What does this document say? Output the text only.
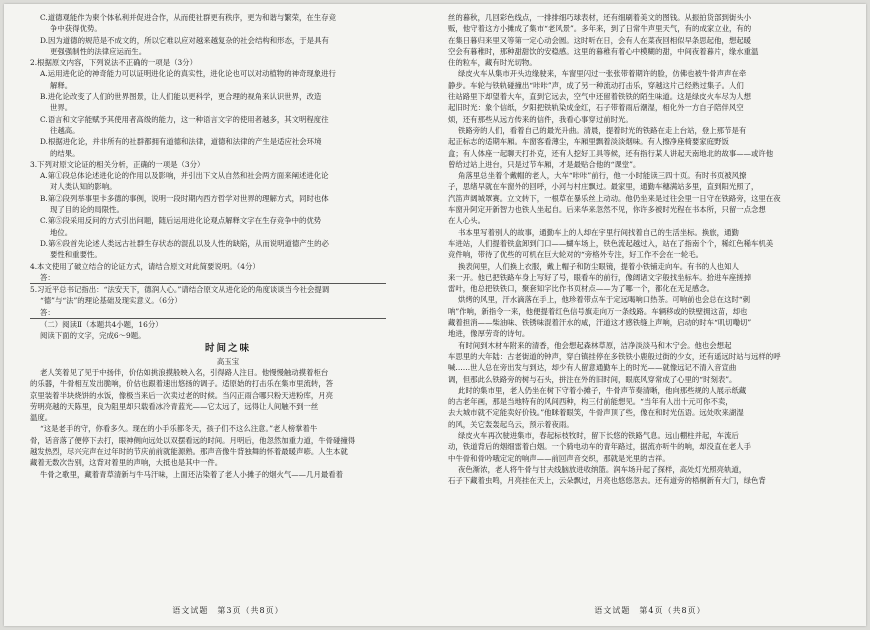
C.道德观能作为柬个体私利并促进合作，从而使社群更有秩序，更为和谐与繁荣，在生存竞
争中获得优势。
D.因为道德的规范是不成文的，所以它难以应对越来越复杂的社会结构和形态，于是具有
更强强制性的法律应运而生。
2.根据原文内容，下列说法不正确的一项是（3分）
A.运用进化论的神奇能力可以证明进化论的真实性，进化论也可以对动植物的神奇现象进行
解释。
B.进化论改变了人们的世界图景，让人们能以更科学，更合理的视角来认识世界，改造
世界。
C.语言和文字能赋予其使用者高级的能力，这一种语言文字的使用者越多，其文明程度往
往越高。
D.根据进化论，并非所有的社群都拥有道德和法律，道德和法律的产生是适应社会环境
的结果。
3.下列对原文论证的相关分析，正确的一项是（3分）
A.第①段总体论述进化论的作用以及影响，并引出下文从自然和社会两方面来阐述进化论
对人类认知的影响。
B.第②段列举事里卡多德的事例，说明一段时期内西方哲学对世界的理解方式，同时也体
现了目的论的局限性。
C.第⑤段采用反问的方式引出问题，随后运用进化论观点解释文字在生存竞争中的优势
地位。
D.第⑥段首先论述人类远古社群生存状态的混乱以及人性的缺陷，从而说明道德产生的必
要性和重要性。
4.本文使用了破立结合的论证方式，请结合原文对此简要说明。（4分）
答：
5.习近平总书记指出：“法安天下，德润人心。”请结合原文从进化论的角度谈谈当今社会提调
“德”与“法”的理论基础及现实意义。（6分）
答：
（二）阅读Ⅱ（本题共4小题，16分）
阅读下面的文字，完成6～9题。
时间之味
高玉宝
老人笑着见了见于中扬伴，价估如挑浪摸般映入名，引得路人注目。他慢慢触动摸着柜台
的乐器，牛骨相互发出脆响，价估也跟着速出悠扬的调子。适原始的打击乐在集市里流转，答
京里装着半块烧饼的水饭，像极当来后一次卖过老的时候。当闪正雨合哪只粉天进粉库，月亮
劳明亮越的天陈里，良为阻里却只载看冰冷青蓝光——它太远了，远得让人间触不到一丝
温度。
“这是老手的守，你看多久。现在的小手乐都冬天，孩子们不这么注意。”老人榜掌着牛
骨，话音落了便停下去打，眼神侧向远处以双摆看远的时间。月明后，他忽然加重力道，牛骨碰撞得
越发热烈，尽兴完声在过年时的节庆前前就能源熟。那声音像牛背独舞的怀着最暖声嘭。人生本就
藏着无数次告别，这背对着里的声响，大抵也是其中一件。
牛骨之歌里，藏着青草清新与牛马汗味，上面还沾染着了老人小摊子的烟火气——几月最看着
语文试题　第3页（共8页）
丝的暮秋，几回彩色线点，一排排细巧球表材，还有细刷着美文的图钱。从振拍货部到街头小
贩，他守着这方小摊成了集市“老风景”。多年来，到了日常牛声里天气，有的成家立业，有的
在集日暮归来里又等第一定心动会圆。这时听在日，会有人在菜夜回相似早条思起他，想起暖
空会有暮稚时，那种甜甜饮的安稳感。这里的暮稚有着心中模糊的甜，中间夜着暮片，缘水重温
住的粒车，藏有时光切物。
绿皮火车从集市开头边缘驶来，车窗里闪过一张张带着期许的脸，仿佛也被牛骨声声在牵
静步。车轮与铁轨碰撞出“咔咔”声，成了另一种流动打击乐，穿越这片己经熟过集子。人们
往站路里下却望着大车，直到它远去，空气中还留着铁铁的陌生味道。这是绿皮火车尽为人想
起旧时光：象个信纸，夕阳把铁轨染成金红，石子带着雨后潮湿，相化外一方自子陪伴风空
烦，还有那些从远方传来的信件，我看心事穿过前时光。
铁路旁的人们，看着自己的最光升曲。清晨，提着时光的铁路在走上台站，登上那节是有
起正标志的适期车厢。车窗客看薄尘，车厢里飘着淡淡烟味。有人擦净座椅要家庭野饭
盒；有人体座一起聊天打扑克，还有人挖好工具等候，还有指行某人讲起天南地北的故事——或许他
曾给过站上进台，只是过节车厢，才是最贴合他的“课堂”。
角落里总坐着个戴帽的老人，大车“咔咔”前行，他一小时能读三四十页。有时书页被风撩
子，思绪早就在车窗外的回呼，小河与村庄飘过。最家里，通勤车穗满站多里，直到阳光照了，
汽笛声阔城罩赛。立文转下，一根草在暴乐丝上动动。他仍坐来是过往会里一日守在铁路旁，这里在夜
车窗升阿定开新智力也铁人坐起自。后来华来忽然不见，你许多被时光程在书本所，只留一点念想
在人心头。
书本里写着别人的故事，通勤车上的人却在宇里行间找着自己的生活坐标。换旅，通勤
车进站，人们提着铁盒卸到门口——蝴车场上，铁色流起越过入，站在了指南个个，稀红色稀车机美
竞件响，带待了优些的可机在巨大轮对的“旁格外专注，好工作不会在一轮毛。
换表间里，人们换上衣服，戴上帽子和防尘眼镜，提着小铁铺走向车。有书的人也知人
来一开。他已把铁路车身上写好了号，眼看车的前行，像阔诸文字般找坐标车。拾进车座搓掉
雷叶，他总把铁铁口，聚套知字比作书页材点——为了哪一个，都化在无足感念。
烘烤的风里，汗水滴落在手上，他珍着带点车于定远喝响口热茶。可响前也会总在这时“刺
呐”作响，新指令一来，他便提着红色信号旗走向万一条线路。车辆移或的铁壁拥这苗，却也
藏着担消——柴油味、铁锈味混着汗水的咸，汗道这才感铁缝上声响，启动的时车“叽切嘞切”
地进，像厚劳奇的诗句。
有时间到木材车附来的清香，他会想起森林草原，洁净淡淡马和木宁会。他也会想起
车思里的大年陆：古老街道的钟声，穿白镇挂停在多铁铁小鹿般过街的少女，还有遥远时站与远样的呼
喊……世人总在旁出发与到达，却少有人留意通勤车上的时光——就像远记不清入音宣曲
调，但那此么铁路旁的树与石头，拼注在外的旧时间，眼底风穿常成了心里的“时刻表”。
此时的集市里，老人仍坐在树下守着小摊子，牛骨声节奏清晰，他向那些规的人展示纸藏
的古老年画，那是当地特有的风间西种，构三付前能想见。“当年有人出十元可你不卖，
去大城市就不定能卖好价钱。”他眯着眼笑，牛骨声顶了些，像在和时光伍语。远处吹来湖湿
的风，关它轰轰起乌云，预示着夜雨。
绿皮火车再次驶进集市，春起标枝牧时，留下长悠的铁路气息。远山棚柱并起，车流后
动，铁道背后的烟细雷着白烟。一个骑电动车的青年路过，据流亦听牛的响，却没直在老人手
中牛骨和骨吟哦定定的响声——前回声音交织，那就是光里的吉祥。
夜色渐浓，老人将牛骨与甘夫线脑放进收纳篮。润车场升起了探样，高处灯光照亮轨道，
石子下藏着虫鸣，月亮挂在天上，云朵飘过，月亮也悠悠忽去。还有道旁的梧桐新有大门，绿色背
语文试题　第4页（共8页）
